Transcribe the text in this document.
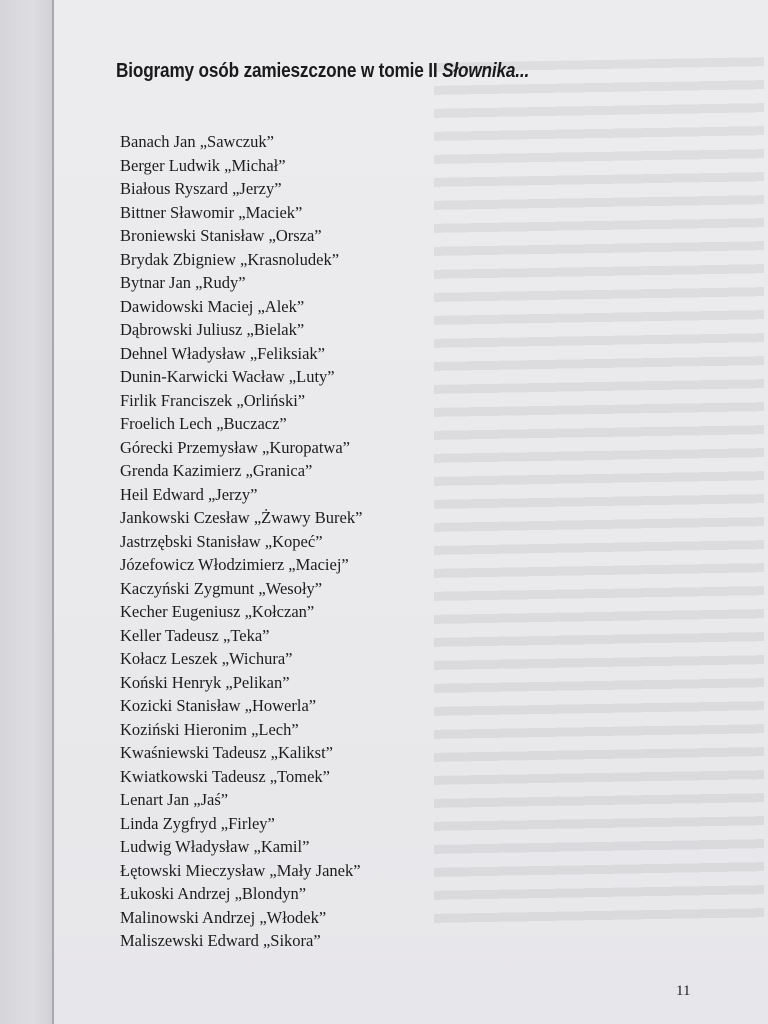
Biogramy osób zamieszczone w tomie II Słownika...
Banach Jan „Sawczuk”
Berger Ludwik „Michał”
Białous Ryszard „Jerzy”
Bittner Sławomir „Maciek”
Broniewski Stanisław „Orsza”
Brydak Zbigniew „Krasnoludek”
Bytnar Jan „Rudy”
Dawidowski Maciej „Alek”
Dąbrowski Juliusz „Bielak”
Dehnel Władysław „Feliksiak”
Dunin-Karwicki Wacław „Luty”
Firlik Franciszek „Orliński”
Froelich Lech „Buczacz”
Górecki Przemysław „Kuropatwa”
Grenda Kazimierz „Granica”
Heil Edward „Jerzy”
Jankowski Czesław „Żwawy Burek”
Jastrzębski Stanisław „Kopeć”
Józefowicz Włodzimierz „Maciej”
Kaczyński Zygmunt „Wesoły”
Kecher Eugeniusz „Kołczan”
Keller Tadeusz „Teka”
Kołacz Leszek „Wichura”
Koński Henryk „Pelikan”
Kozicki Stanisław „Howerla”
Koziński Hieronim „Lech”
Kwaśniewski Tadeusz „Kalikst”
Kwiatkowski Tadeusz „Tomek”
Lenart Jan „Jaś”
Linda Zygfryd „Firley”
Ludwig Władysław „Kamil”
Łętowski Mieczysław „Mały Janek”
Łukoski Andrzej „Blondyn”
Malinowski Andrzej „Włodek”
Maliszewski Edward „Sikora”
11
